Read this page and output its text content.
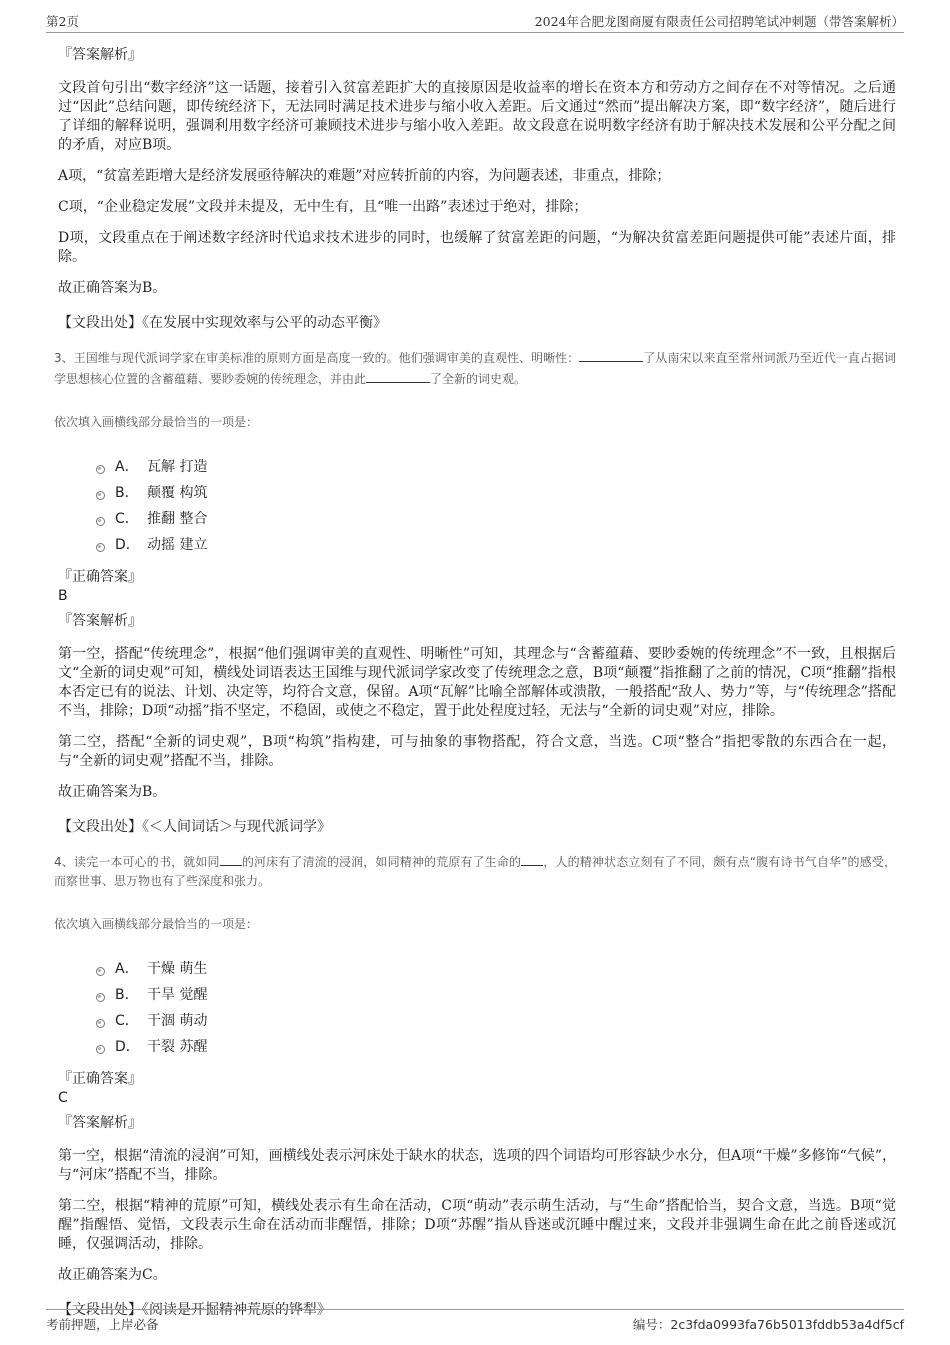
第2页	2024年合肥龙图商厦有限责任公司招聘笔试冲刺题（带答案解析）
『答案解析』

文段首句引出“数字经济”这一话题，接着引入贫富差距扩大的直接原因是收益率的增长在资本方和劳动方之间存在不对等情况。之后通过“因此”总结问题，即传统经济下，无法同时满足技术进步与缩小收入差距。后文通过“然而”提出解决方案，即“数字经济”，随后进行了详细的解释说明，强调利用数字经济可兼顾技术进步与缩小收入差距。故文段意在说明数字经济有助于解决技术发展和公平分配之间的矛盾，对应B项。

A项，“贫富差距增大是经济发展亟待解决的难题”对应转折前的内容，为问题表述，非重点，排除；

C项，“企业稳定发展”文段并未提及，无中生有，且“唯一出路”表述过于绝对，排除；

D项，文段重点在于阐述数字经济时代追求技术进步的同时，也缓解了贫富差距的问题，“为解决贫富差距问题提供可能”表述片面，排除。

故正确答案为B。

【文段出处】《在发展中实现效率与公平的动态平衡》

3、王国维与现代派词学家在审美标准的原则方面是高度一致的。他们强调审美的直观性、明晰性：	了从南宋以来直至常州词派乃至近代一直占据词学思想核心位置的含蓄蕴藉、要眇委婉的传统理念，并由此	了全新的词史观。
依次填入画横线部分最恰当的一项是：
A． 瓦解 打造
B． 颠覆 构筑
C． 推翻 整合
D． 动摇 建立
『正确答案』
B
『答案解析』

第一空，搭配“传统理念”，根据“他们强调审美的直观性、明晰性”可知，其理念与“含蓄蕴藉、要眇委婉的传统理念”不一致，且根据后文“全新的词史观”可知，横线处词语表达王国维与现代派词学家改变了传统理念之意，B项“颠覆”指推翻了之前的情况，C项“推翻”指根本否定已有的说法、计划、决定等，均符合文意，保留。A项“瓦解”比喻全部解体或溃散，一般搭配“敌人、势力”等，与“传统理念”搭配不当，排除；D项“动摇”指不坚定，不稳固，或使之不稳定，置于此处程度过轻，无法与“全新的词史观”对应，排除。

第二空，搭配“全新的词史观”，B项“构筑”指构建，可与抽象的事物搭配，符合文意，当选。C项“整合”指把零散的东西合在一起，与“全新的词史观”搭配不当，排除。

故正确答案为B。

【文段出处】《＜人间词话＞与现代派词学》

4、读完一本可心的书，就如同 的河床有了清流的浸润，如同精神的荒原有了生命的 ，人的精神状态立刻有了不同，颇有点“腹有诗书气自华”的感受，而察世事、思万物也有了些深度和张力。
依次填入画横线部分最恰当的一项是：
A． 干燥 萌生
B． 干旱 觉醒
C． 干涸 萌动
D． 干裂 苏醒
『正确答案』
C
『答案解析』

第一空，根据“清流的浸润”可知，画横线处表示河床处于缺水的状态，选项的四个词语均可形容缺少水分，但A项“干燥”多修饰“气候”，与“河床”搭配不当，排除。

第二空，根据“精神的荒原”可知，横线处表示有生命在活动，C项“萌动”表示萌生活动，与“生命”搭配恰当，契合文意，当选。B项“觉醒”指醒悟、觉悟，文段表示生命在活动而非醒悟，排除；D项“苏醒”指从昏迷或沉睡中醒过来，文段并非强调生命在此之前昏迷或沉睡，仅强调活动，排除。

故正确答案为C。

【文段出处】《阅读是开掘精神荒原的铧犁》

考前押题，上岸必备	编号：2c3fda0993fa76b5013fddb53a4df5cf
